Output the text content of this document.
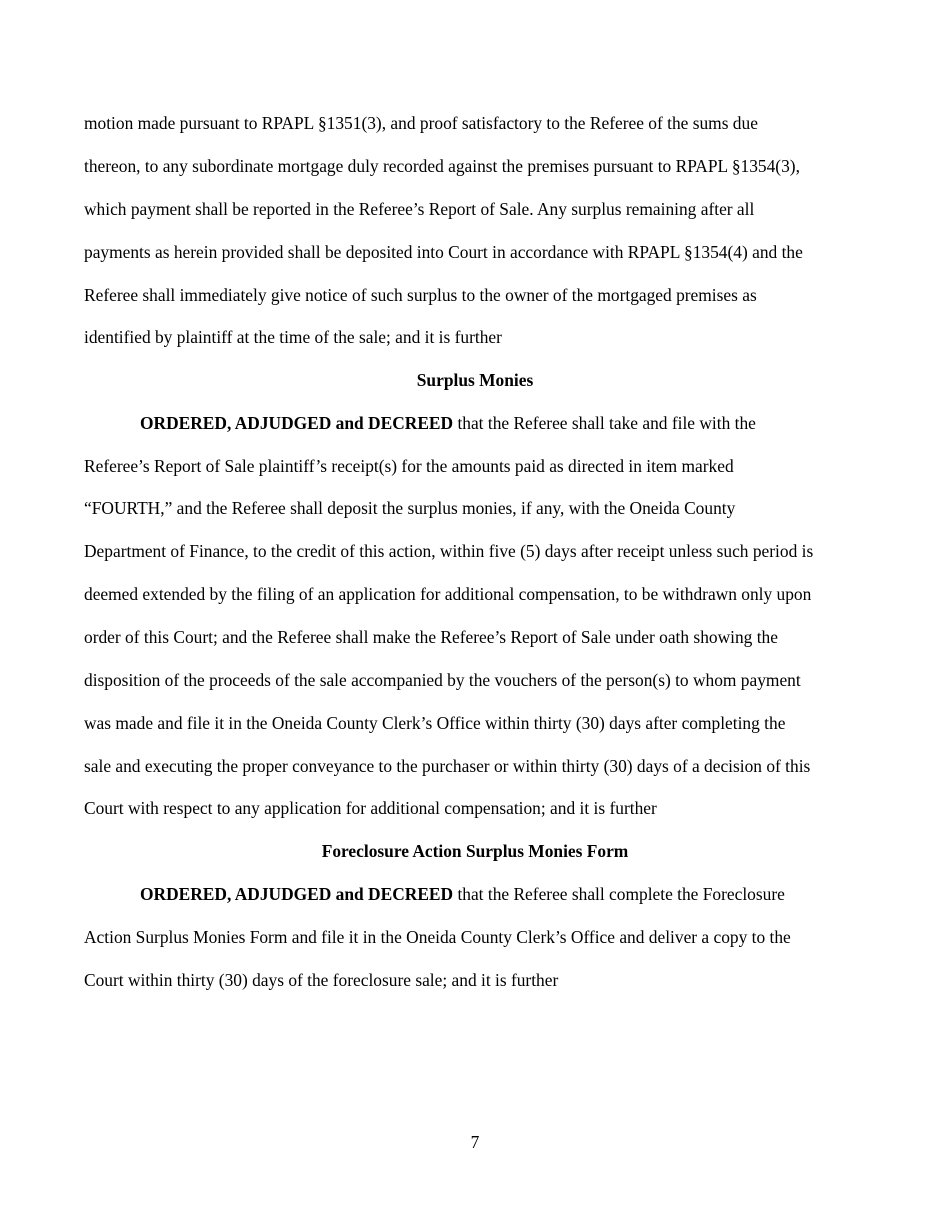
motion made pursuant to RPAPL §1351(3), and proof satisfactory to the Referee of the sums due
thereon, to any subordinate mortgage duly recorded against the premises pursuant to RPAPL §1354(3),
which payment shall be reported in the Referee’s Report of Sale. Any surplus remaining after all
payments as herein provided shall be deposited into Court in accordance with RPAPL §1354(4) and the
Referee shall immediately give notice of such surplus to the owner of the mortgaged premises as
identified by plaintiff at the time of the sale; and it is further
Surplus Monies
ORDERED, ADJUDGED and DECREED that the Referee shall take and file with the
Referee’s Report of Sale plaintiff’s receipt(s) for the amounts paid as directed in item marked
“FOURTH,” and the Referee shall deposit the surplus monies, if any, with the Oneida County
Department of Finance, to the credit of this action, within five (5) days after receipt unless such period is
deemed extended by the filing of an application for additional compensation, to be withdrawn only upon
order of this Court; and the Referee shall make the Referee’s Report of Sale under oath showing the
disposition of the proceeds of the sale accompanied by the vouchers of the person(s) to whom payment
was made and file it in the Oneida County Clerk’s Office within thirty (30) days after completing the
sale and executing the proper conveyance to the purchaser or within thirty (30) days of a decision of this
Court with respect to any application for additional compensation; and it is further
Foreclosure Action Surplus Monies Form
ORDERED, ADJUDGED and DECREED that the Referee shall complete the Foreclosure
Action Surplus Monies Form and file it in the Oneida County Clerk’s Office and deliver a copy to the
Court within thirty (30) days of the foreclosure sale; and it is further
7
